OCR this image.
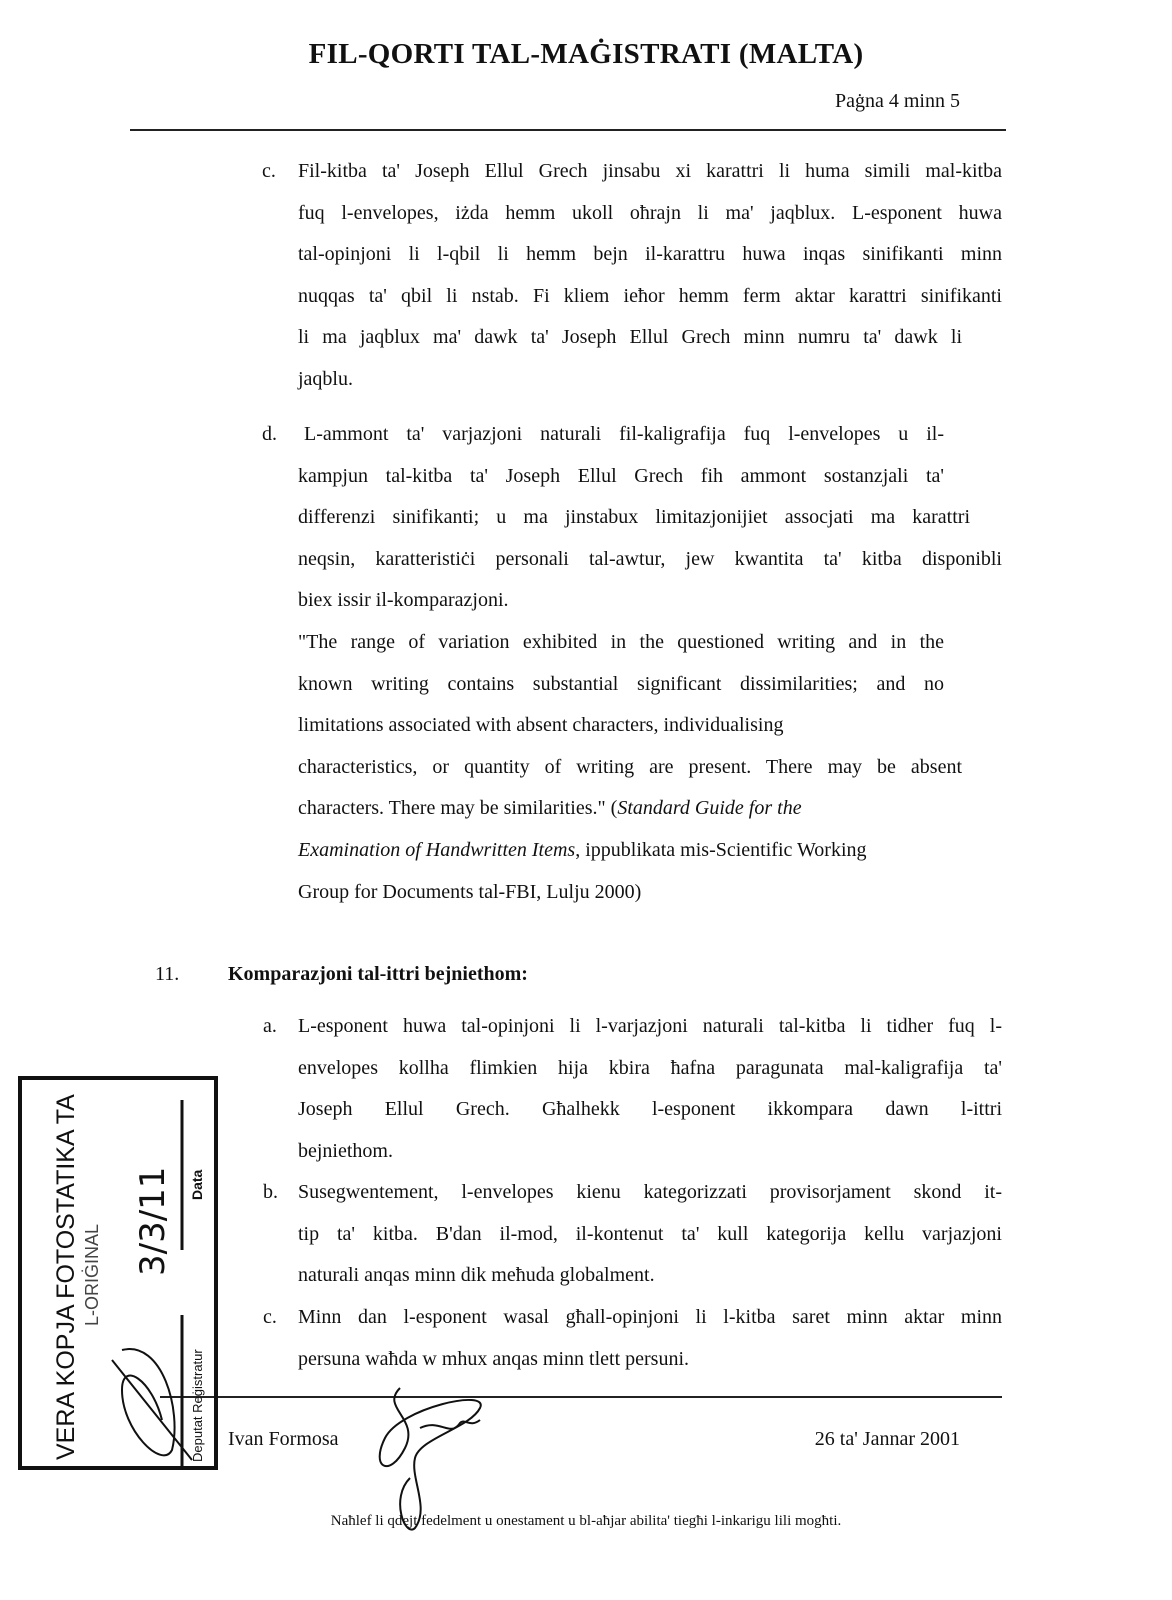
FIL-QORTI TAL-MAĠISTRATI (MALTA)
Paġna 4 minn 5
c. Fil-kitba ta' Joseph Ellul Grech jinsabu xi karattri li huma simili mal-kitba
fuq l-envelopes, iżda hemm ukoll oħrajn li ma' jaqblux. L-esponent huwa
tal-opinjoni li l-qbil li hemm bejn il-karattru huwa inqas sinifikanti minn
nuqqas ta' qbil li nstab. Fi kliem ieħor hemm ferm aktar karattri sinifikanti
li ma jaqblux ma' dawk ta' Joseph Ellul Grech minn numru ta' dawk li
jaqblu.
d.	L-ammont ta' varjazjoni naturali fil-kaligrafija fuq l-envelopes u il-
kampjun tal-kitba ta' Joseph Ellul Grech fih ammont sostanzjali ta'
differenzi sinifikanti; u ma jinstabux limitazjonijiet assocjati ma karattri
neqsin, karatteristiċi personali tal-awtur, jew kwantita ta' kitba disponibli
biex issir il-komparazjoni.
"The range of variation exhibited in the questioned writing and in the
known writing contains substantial significant dissimilarities; and no
limitations associated with absent characters, individualising
characteristics, or quantity of writing are present. There may be absent
characters. There may be similarities." (Standard Guide for the
Examination of Handwritten Items, ippublikata mis-Scientific Working
Group for Documents tal-FBI, Lulju 2000)
11. Komparazjoni tal-ittri bejniethom:
a. L-esponent huwa tal-opinjoni li l-varjazjoni naturali tal-kitba li tidher fuq l-
envelopes kollha flimkien hija kbira ħafna paragunata mal-kaligrafija ta'
Joseph Ellul Grech. Għalhekk l-esponent ikkompara dawn l-ittri
bejniethom.
b. Susegwentement, l-envelopes kienu kategorizzati provisorjament skond it-
tip ta' kitba. B'dan il-mod, il-kontenut ta' kull kategorija kellu varjazjoni
naturali anqas minn dik meħuda globalment.
c. Minn dan l-esponent wasal għall-opinjoni li l-kitba saret minn aktar minn
persuna waħda w mhux anqas minn tlett persuni.
Ivan Formosa	26 ta' Jannar 2001
Naħlef li qdejt fedelment u onestament u bl-aħjar abilita' tiegħi l-inkarigu lili mogħti.
VERA KOPJA FOTOSTATIKA TA L-ORIĠINAL
Data
Deputat Reġistratur
3/3/11
